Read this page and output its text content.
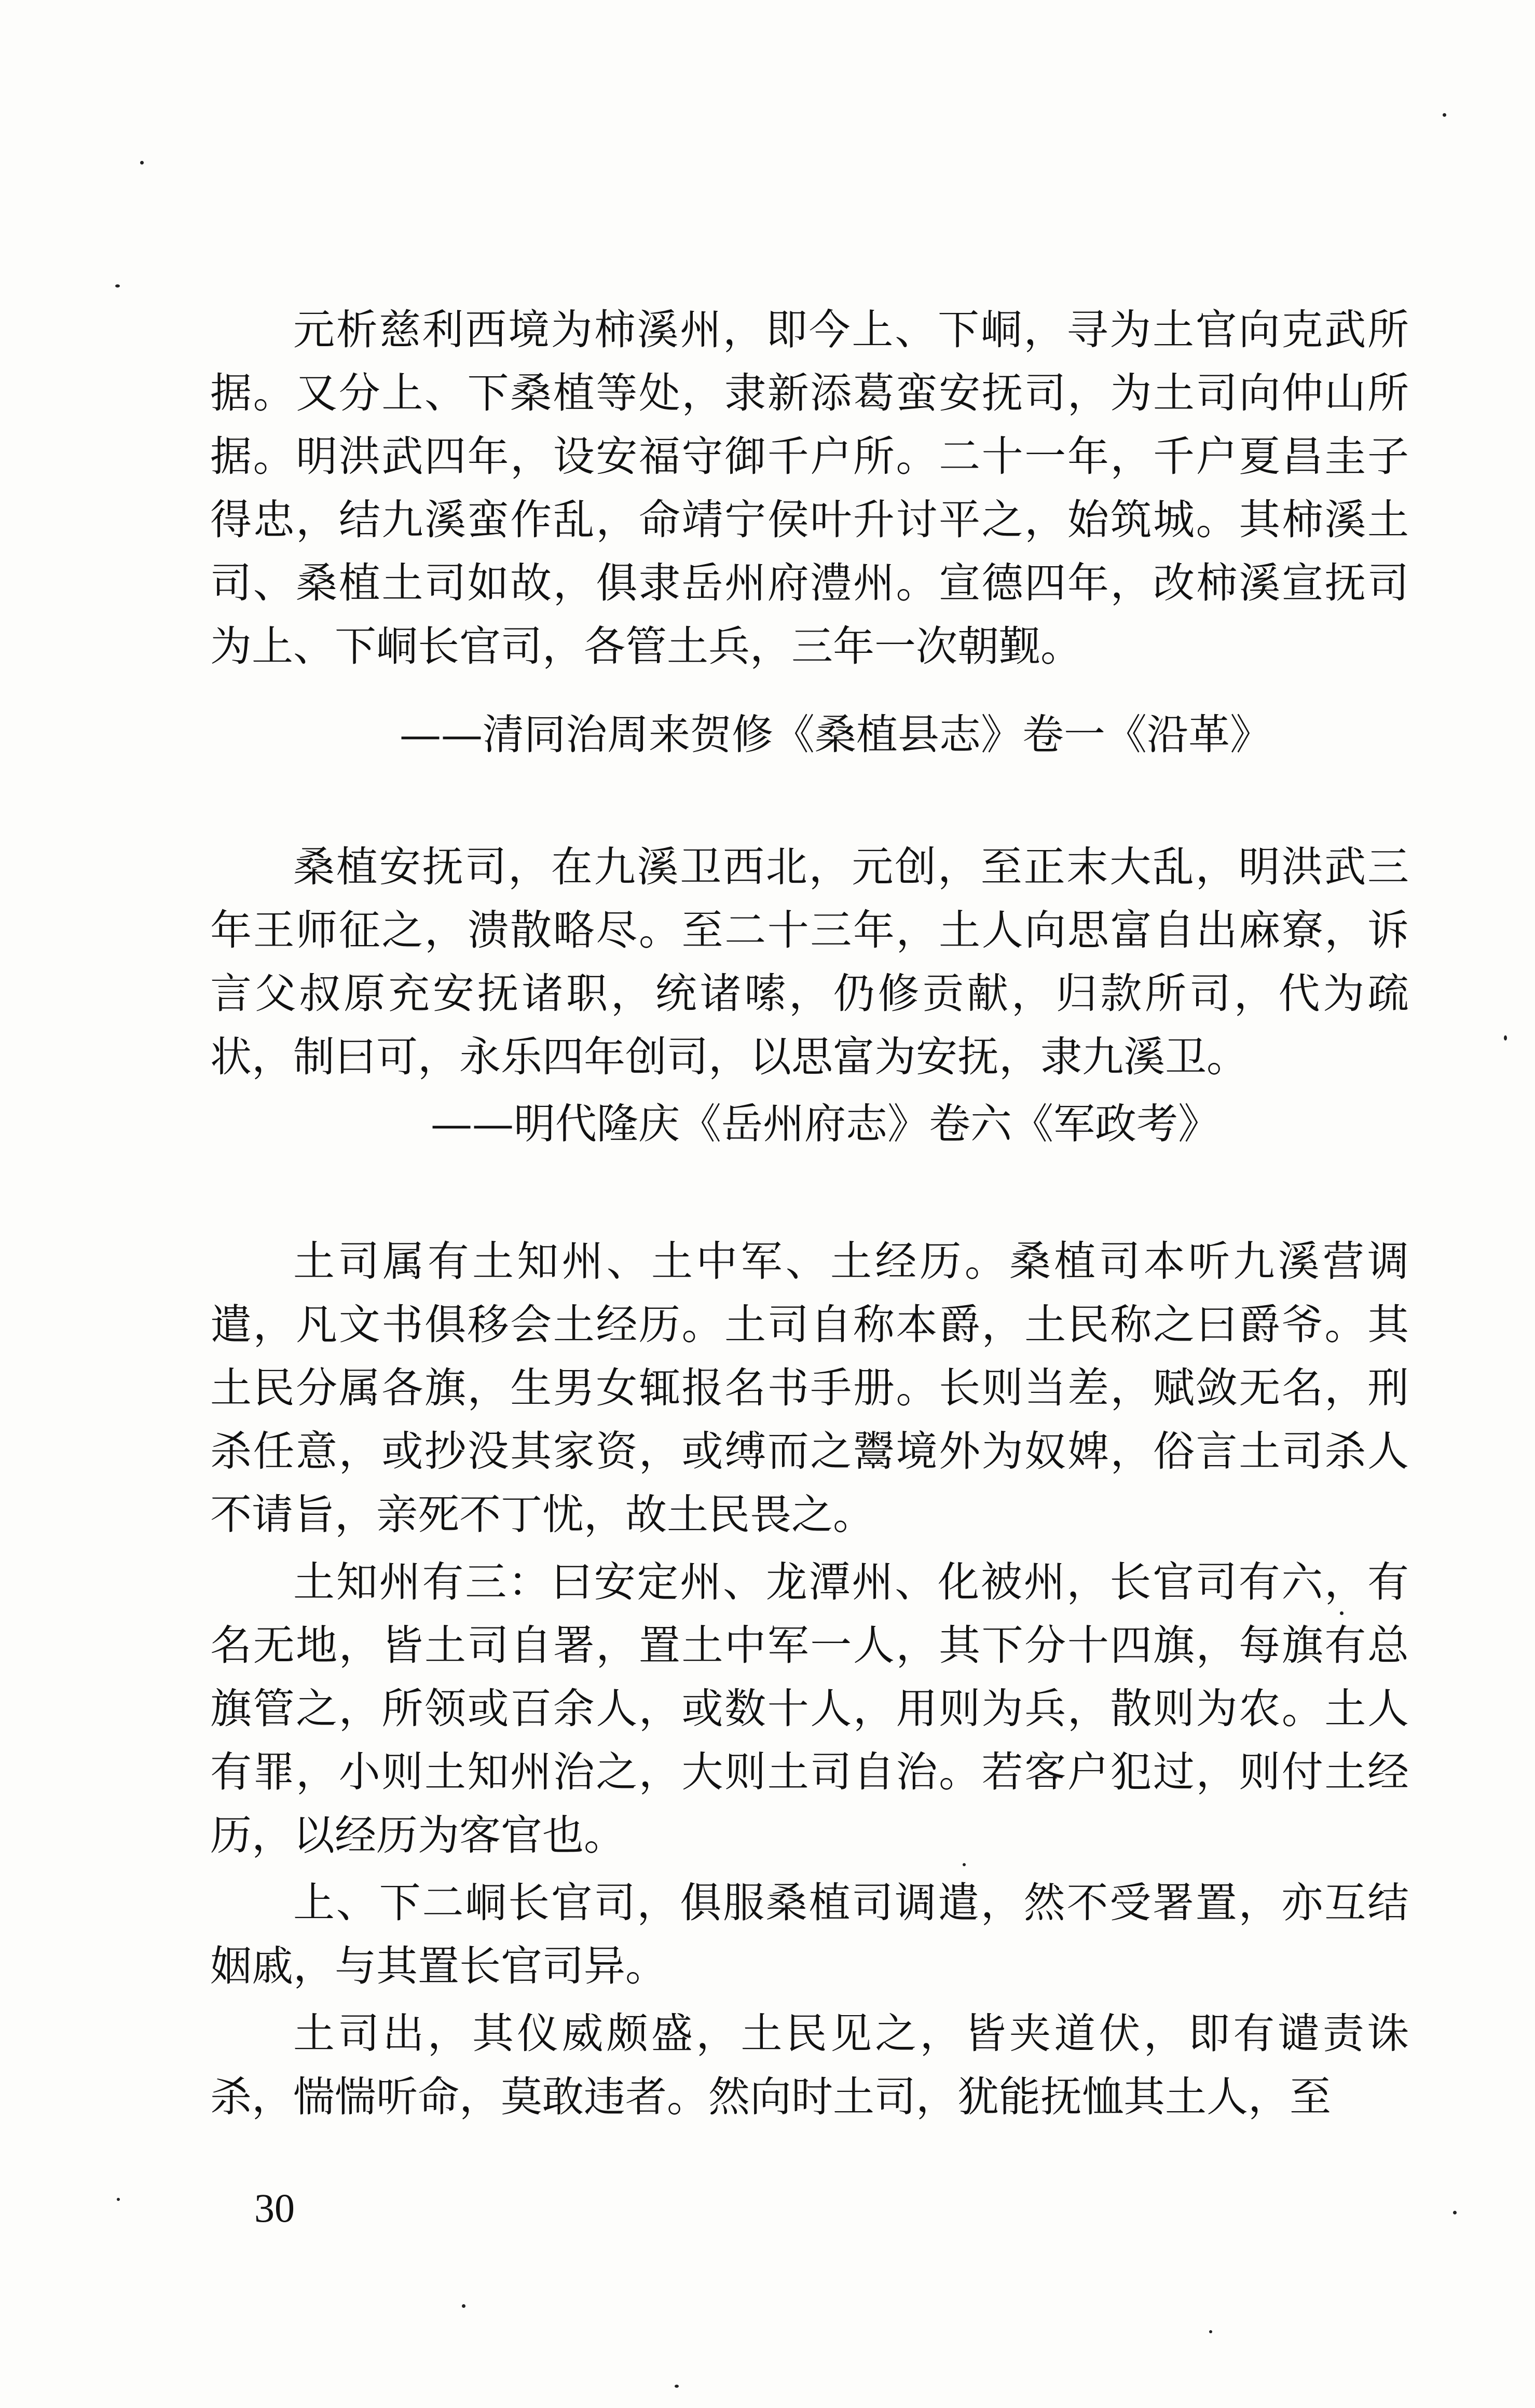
元析慈利西境为柿溪州，即今上、下峒，寻为土官向克武所据。又分上、下桑植等处，隶新添葛蛮安抚司，为土司向仲山所据。明洪武四年，设安福守御千户所。二十一年，千户夏昌圭子得忠，结九溪蛮作乱，命靖宁侯叶升讨平之，始筑城。其柿溪土司、桑植土司如故，俱隶岳州府澧州。宣德四年，改柿溪宣抚司为上、下峒长官司，各管土兵，三年一次朝觐。

——清同治周来贺修《桑植县志》卷一《沿革》

桑植安抚司，在九溪卫西北，元创，至正末大乱，明洪武三年王师征之，溃散略尽。至二十三年，土人向思富自出麻寮，诉言父叔原充安抚诸职，统诸嗦，仍修贡献，归款所司，代为疏状，制曰可，永乐四年创司，以思富为安抚，隶九溪卫。

——明代隆庆《岳州府志》卷六《军政考》

土司属有土知州、土中军、土经历。桑植司本听九溪营调遣，凡文书俱移会土经历。土司自称本爵，土民称之曰爵爷。其土民分属各旗，生男女辄报名书手册。长则当差，赋敛无名，刑杀任意，或抄没其家资，或缚而之鬻境外为奴婢，俗言土司杀人不请旨，亲死不丁忧，故土民畏之。

土知州有三：曰安定州、龙潭州、化被州，长官司有六，有名无地，皆土司自署，置土中军一人，其下分十四旗，每旗有总旗管之，所领或百余人，或数十人，用则为兵，散则为农。土人有罪，小则土知州治之，大则土司自治。若客户犯过，则付土经历，以经历为客官也。

上、下二峒长官司，俱服桑植司调遣，然不受署置，亦互结姻戚，与其置长官司异。

土司出，其仪威颇盛，土民见之，皆夹道伏，即有谴责诛杀，惴惴听命，莫敢违者。然向时土司，犹能抚恤其土人，至

30
